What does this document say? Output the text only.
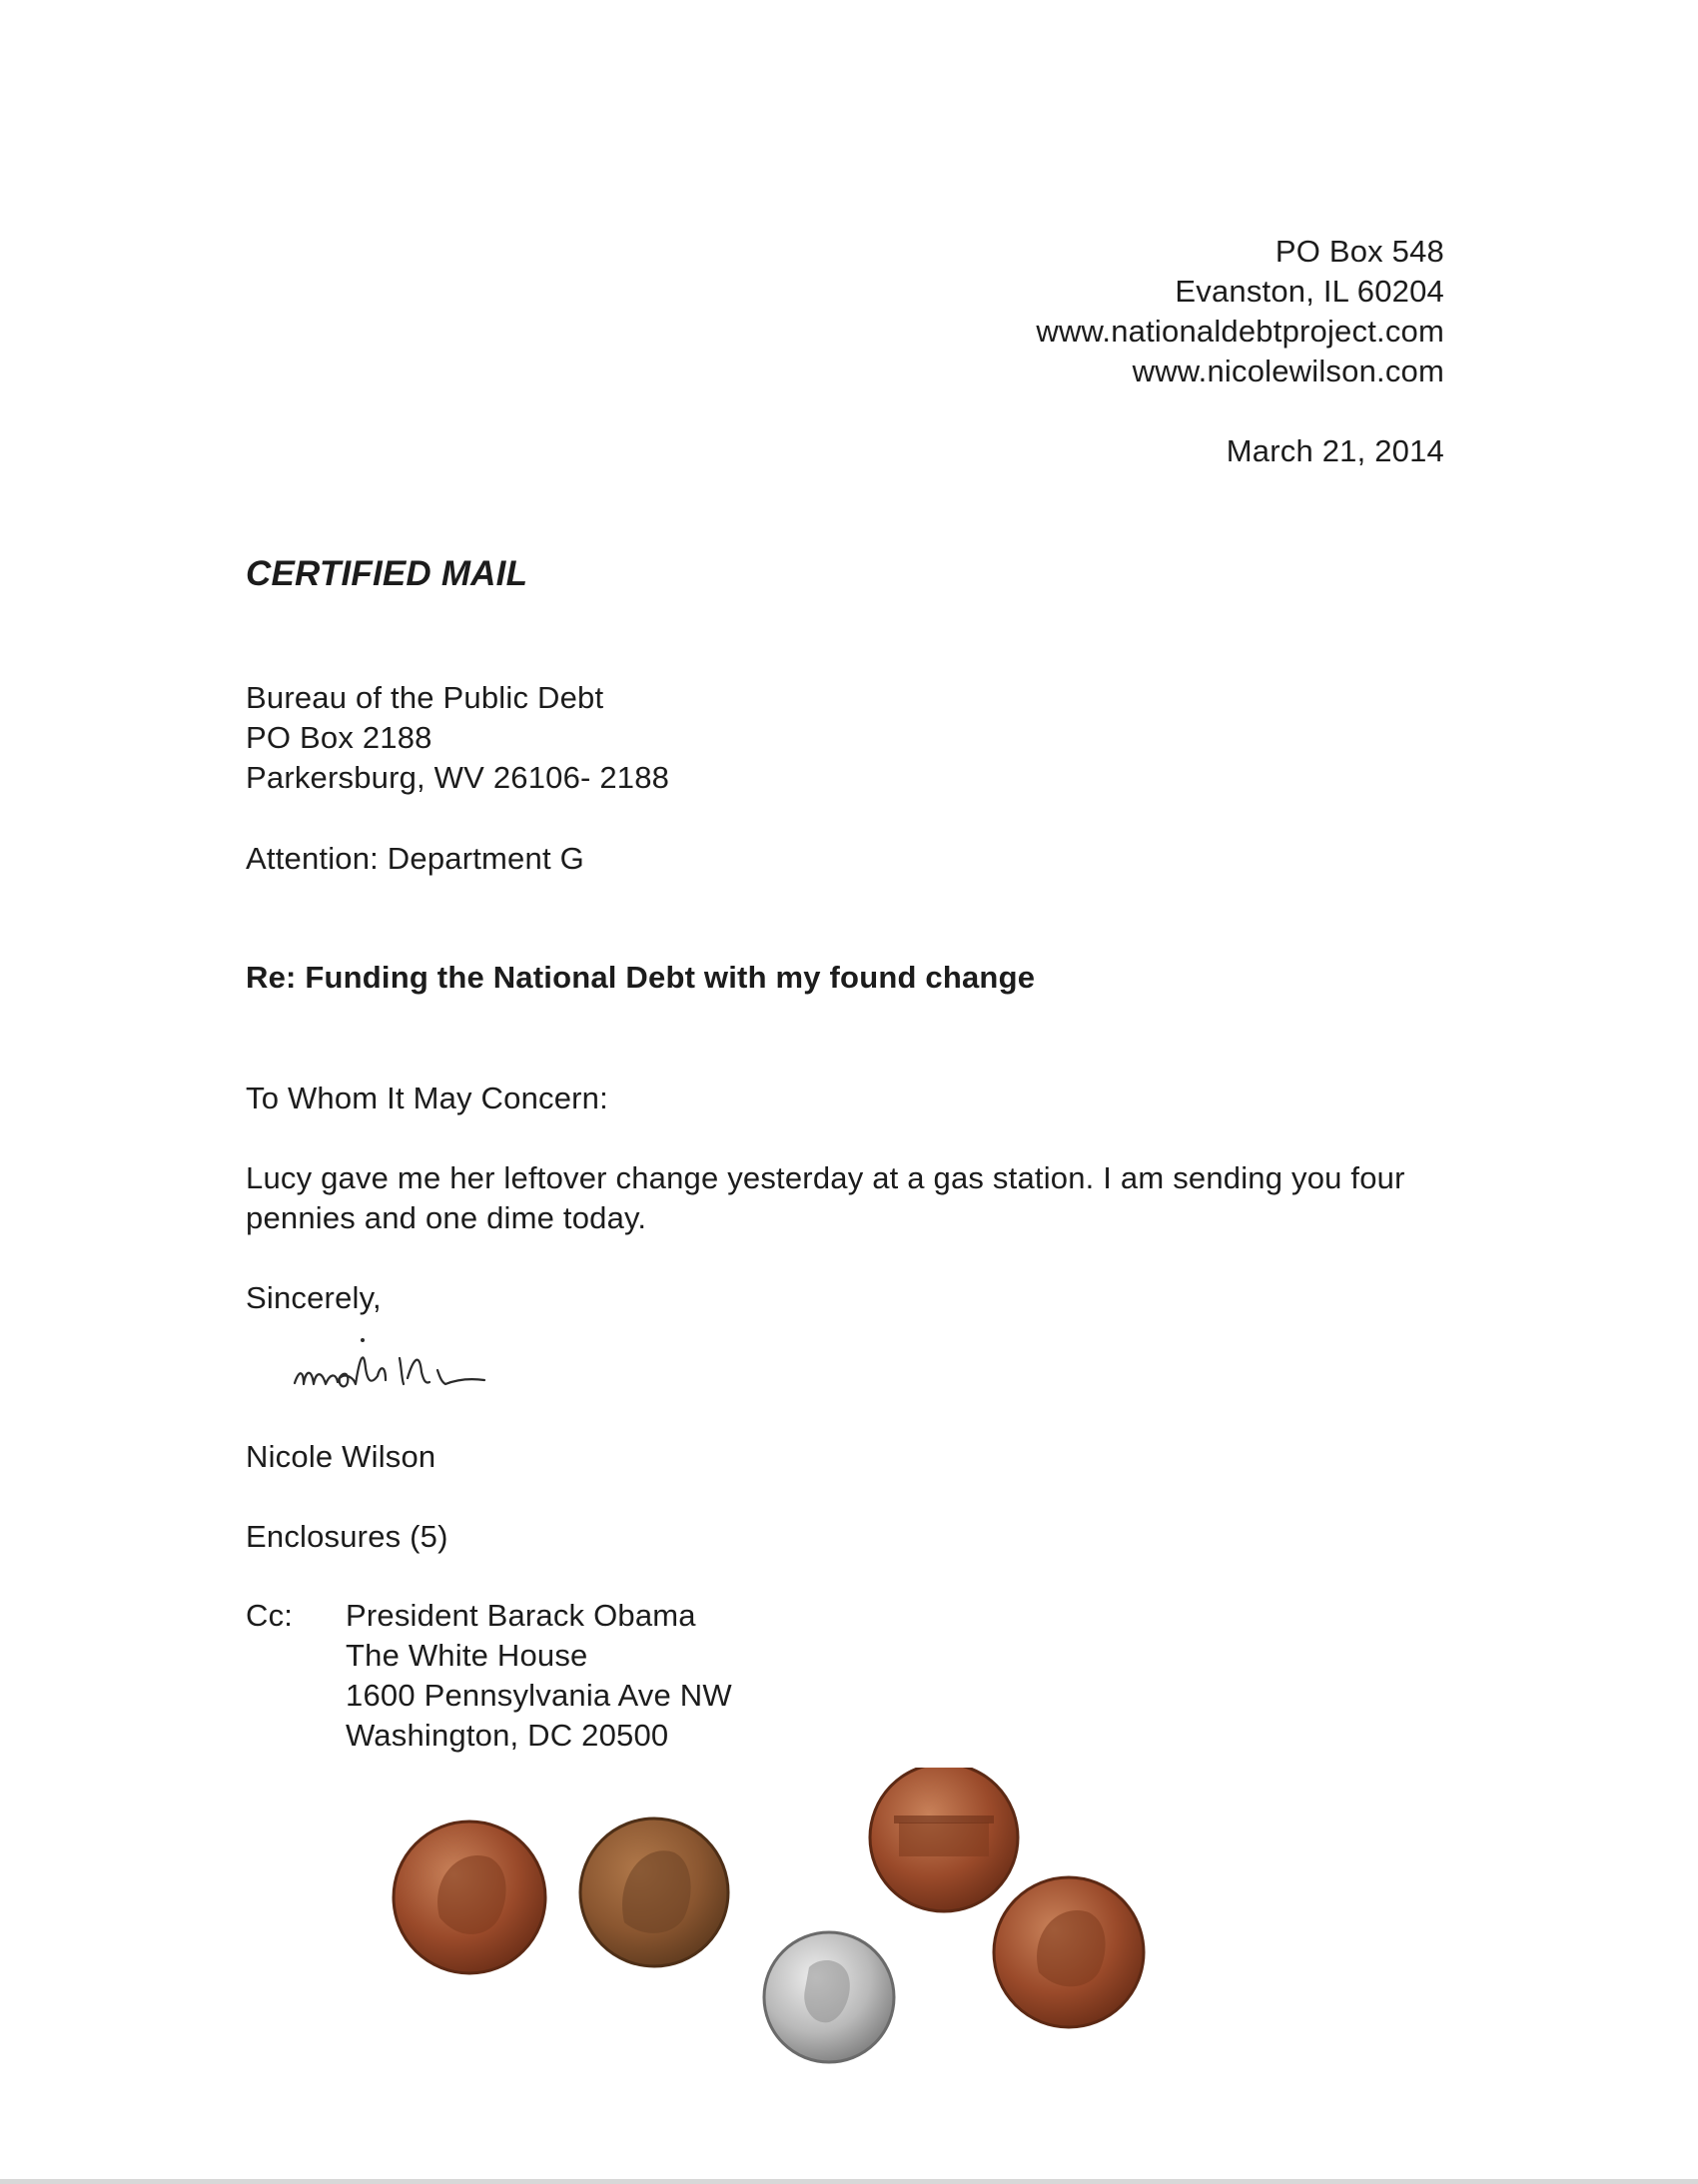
PO Box 548
Evanston, IL 60204
www.nationaldebtproject.com
www.nicolewilson.com
March 21, 2014
CERTIFIED MAIL
Bureau of the Public Debt
PO Box 2188
Parkersburg, WV 26106- 2188
Attention: Department G
Re: Funding the National Debt with my found change
To Whom It May Concern:
Lucy gave me her leftover change yesterday at a gas station. I am sending you four pennies and one dime today.
Sincerely,
Nicole Wilson
Enclosures (5)
Cc: President Barack Obama
The White House
1600 Pennsylvania Ave NW
Washington, DC 20500
